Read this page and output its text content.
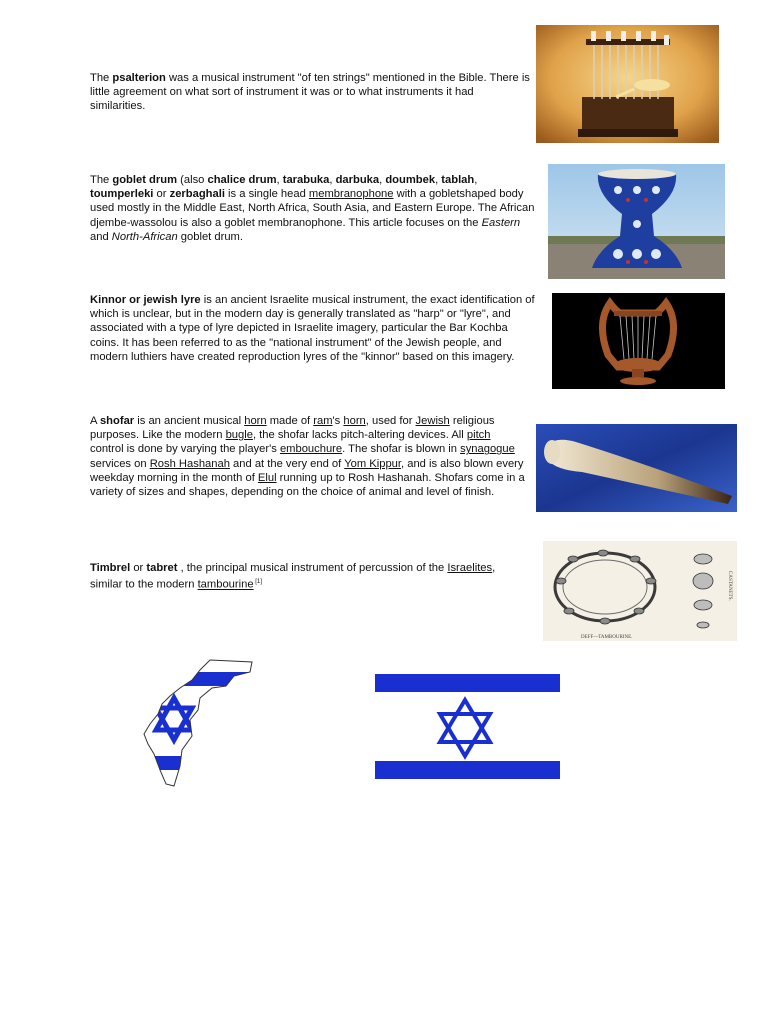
The psalterion was a musical instrument "of ten strings" mentioned in the Bible. There is little agreement on what sort of instrument it was or to what instruments it had similarities.

The goblet drum (also chalice drum, tarabuka, darbuka, doumbek, tablah, toumperleki or zerbaghali is a single head membranophone with a gobletshaped body used mostly in the Middle East, North Africa, South Asia, and Eastern Europe. The African djembe-wassolou is also a goblet membranophone. This article focuses on the Eastern and North-African goblet drum.

Kinnor or jewish lyre is an ancient Israelite musical instrument, the exact identification of which is unclear, but in the modern day is generally translated as "harp" or "lyre", and associated with a type of lyre depicted in Israelite imagery, particular the Bar Kochba coins. It has been referred to as the "national instrument" of the Jewish people, and modern luthiers have created reproduction lyres of the "kinnor" based on this imagery.

A shofar is an ancient musical horn made of ram's horn, used for Jewish religious purposes. Like the modern bugle, the shofar lacks pitch-altering devices. All pitch control is done by varying the player's embouchure. The shofar is blown in synagogue services on Rosh Hashanah and at the very end of Yom Kippur, and is also blown every weekday morning in the month of Elul running up to Rosh Hashanah. Shofars come in a variety of sizes and shapes, depending on the choice of animal and level of finish.

Timbrel or tabret , the principal musical instrument of percussion of the Israelites, similar to the modern tambourine [1]

DEFF—TAMBOURINE.
CASTANETS.
